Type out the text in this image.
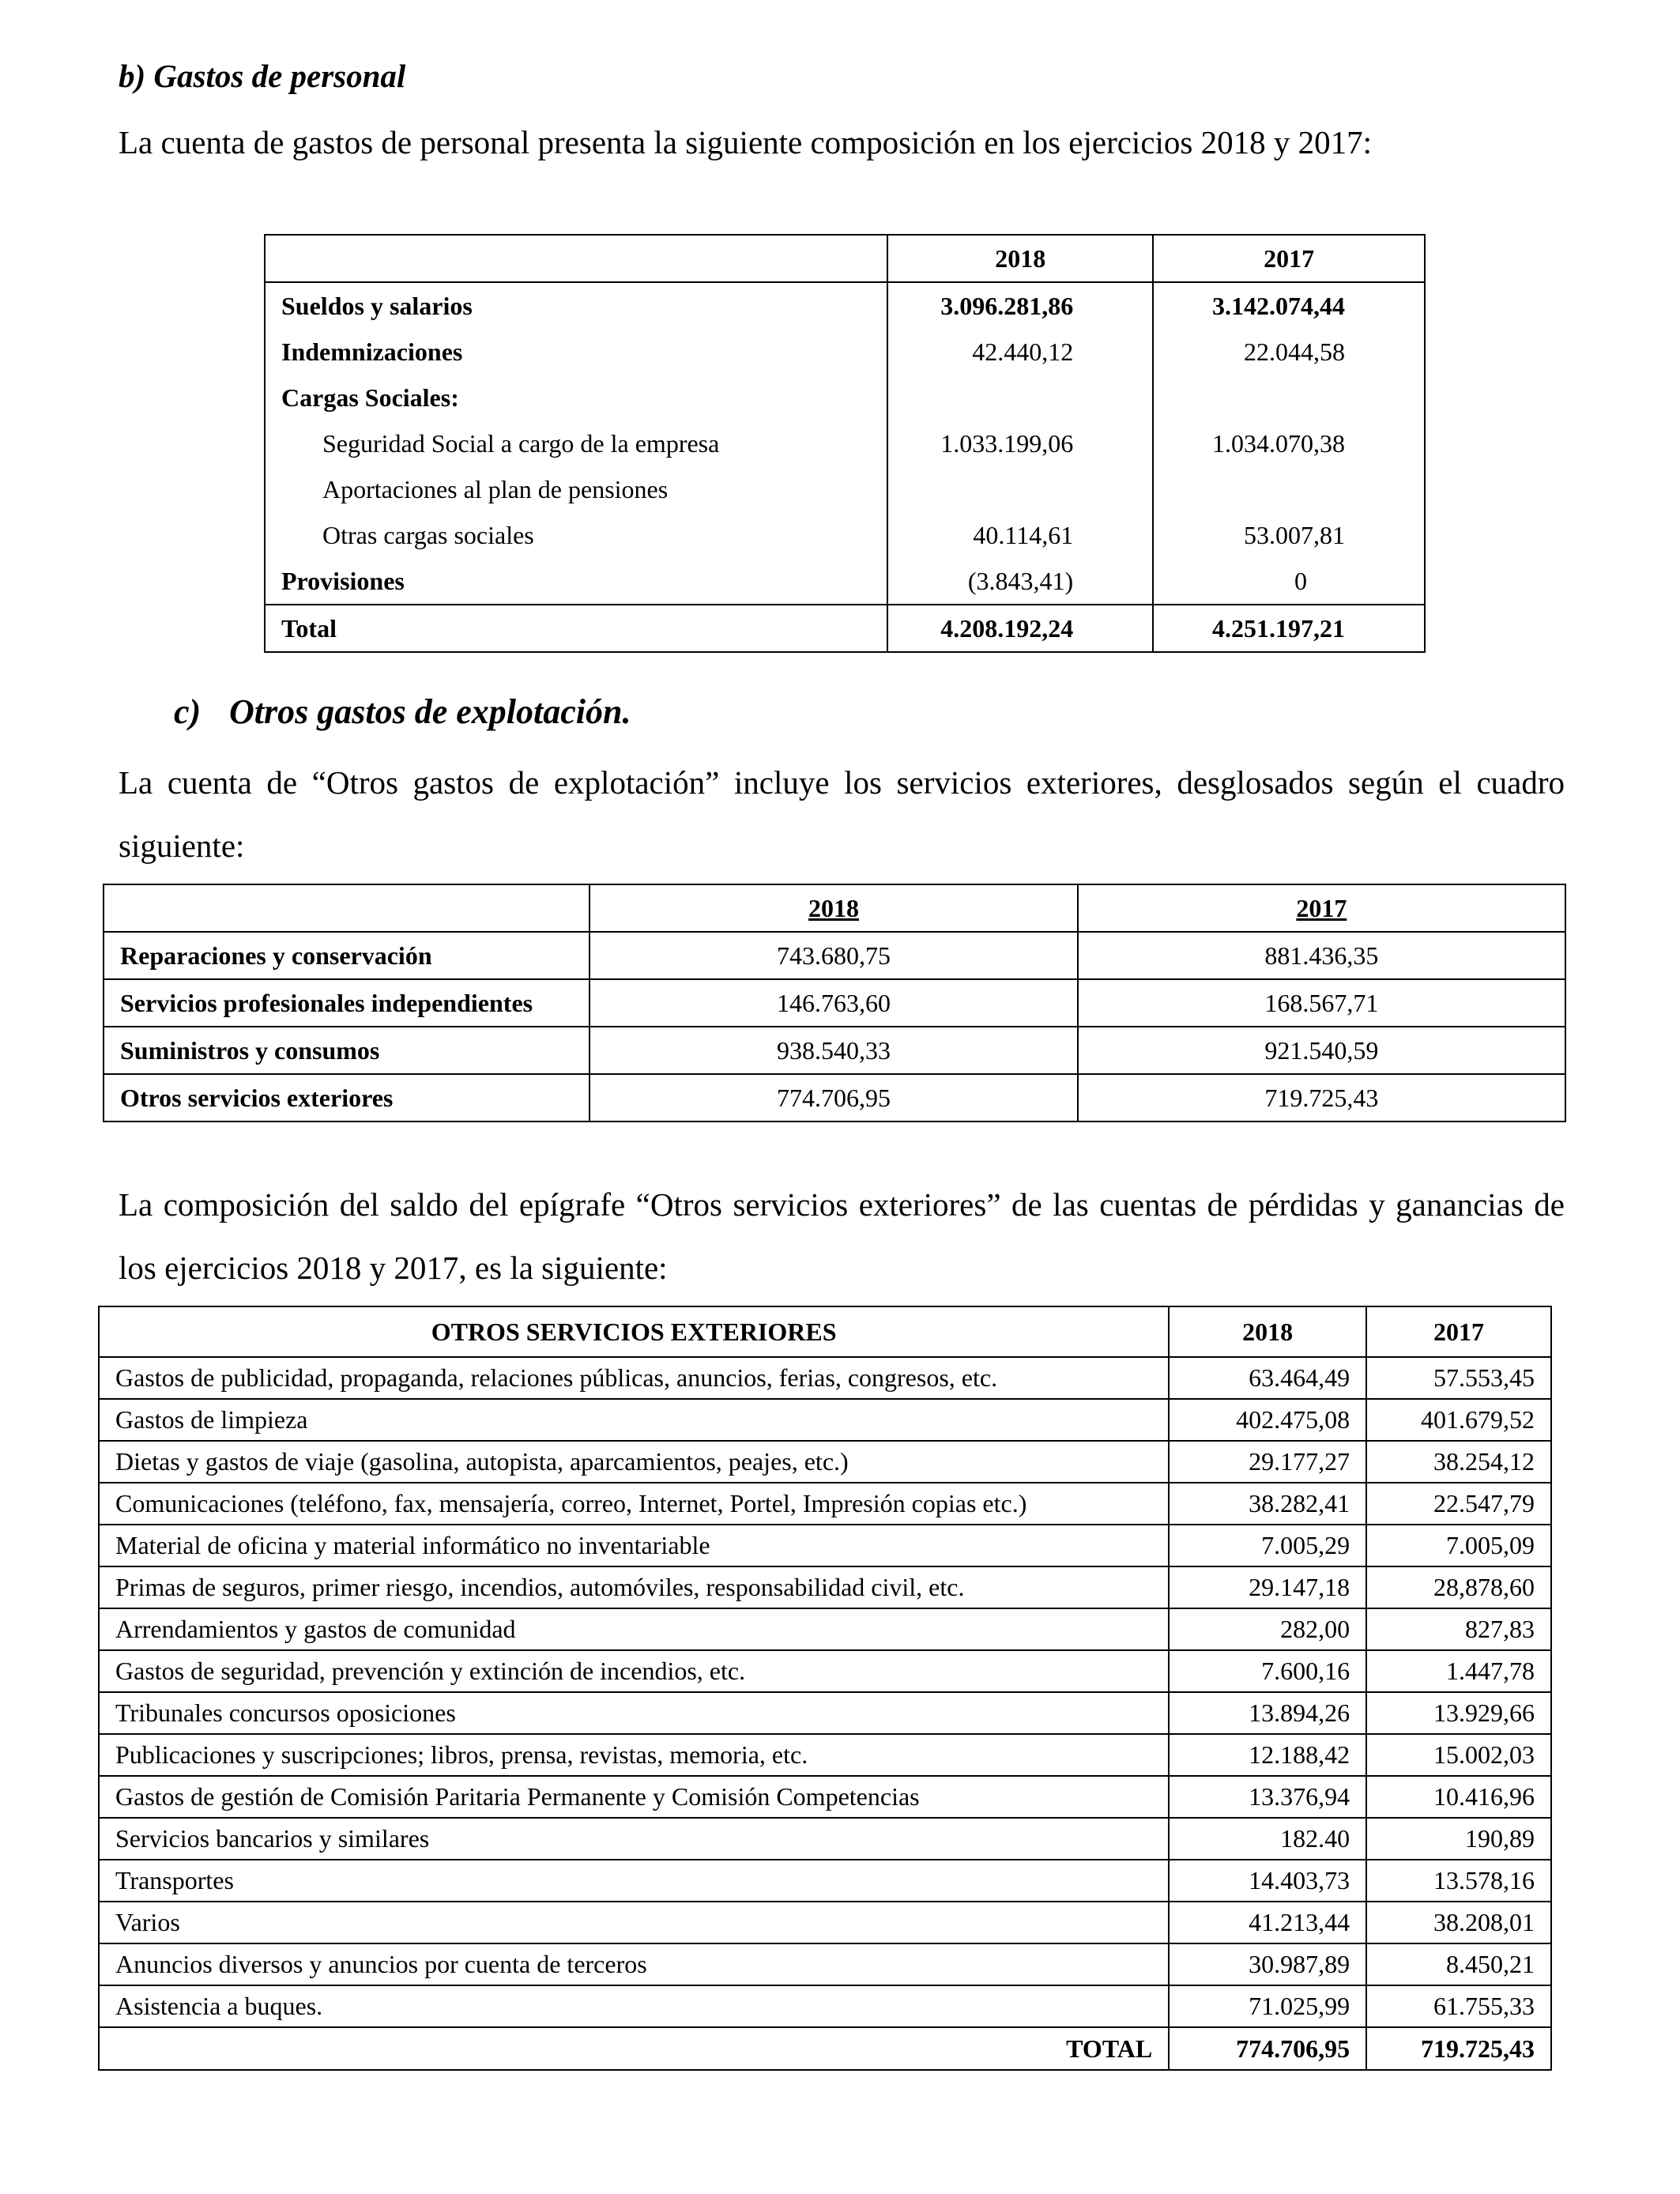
b) Gastos de personal
La cuenta de gastos de personal presenta la siguiente composición en los ejercicios 2018 y 2017:
	2018	2017
Sueldos y salarios	3.096.281,86	3.142.074,44
Indemnizaciones	42.440,12	22.044,58
Cargas Sociales:		
Seguridad Social a cargo de la empresa	1.033.199,06	1.034.070,38
Aportaciones al plan de pensiones		
Otras cargas sociales	40.114,61	53.007,81
Provisiones	(3.843,41)	0
Total	4.208.192,24	4.251.197,21
c) Otros gastos de explotación.
La cuenta de “Otros gastos de explotación” incluye los servicios exteriores, desglosados según el cuadro siguiente:
	2018	2017
Reparaciones y conservación	743.680,75	881.436,35
Servicios profesionales independientes	146.763,60	168.567,71
Suministros y consumos	938.540,33	921.540,59
Otros servicios exteriores	774.706,95	719.725,43
La composición del saldo del epígrafe “Otros servicios exteriores” de las cuentas de pérdidas y ganancias de los ejercicios 2018 y 2017, es la siguiente:
OTROS SERVICIOS EXTERIORES	2018	2017
Gastos de publicidad, propaganda, relaciones públicas, anuncios, ferias, congresos, etc.	63.464,49	57.553,45
Gastos de limpieza	402.475,08	401.679,52
Dietas y gastos de viaje (gasolina, autopista, aparcamientos, peajes, etc.)	29.177,27	38.254,12
Comunicaciones (teléfono, fax, mensajería, correo, Internet, Portel, Impresión copias etc.)	38.282,41	22.547,79
Material de oficina y material informático no inventariable	7.005,29	7.005,09
Primas de seguros, primer riesgo, incendios, automóviles, responsabilidad civil, etc.	29.147,18	28,878,60
Arrendamientos y gastos de comunidad	282,00	827,83
Gastos de seguridad, prevención y extinción de incendios, etc.	7.600,16	1.447,78
Tribunales concursos oposiciones	13.894,26	13.929,66
Publicaciones y suscripciones; libros, prensa, revistas, memoria, etc.	12.188,42	15.002,03
Gastos de gestión de Comisión Paritaria Permanente y Comisión Competencias	13.376,94	10.416,96
Servicios bancarios y similares	182.40	190,89
Transportes	14.403,73	13.578,16
Varios	41.213,44	38.208,01
Anuncios diversos y anuncios por cuenta de terceros	30.987,89	8.450,21
Asistencia a buques.	71.025,99	61.755,33
TOTAL	774.706,95	719.725,43
